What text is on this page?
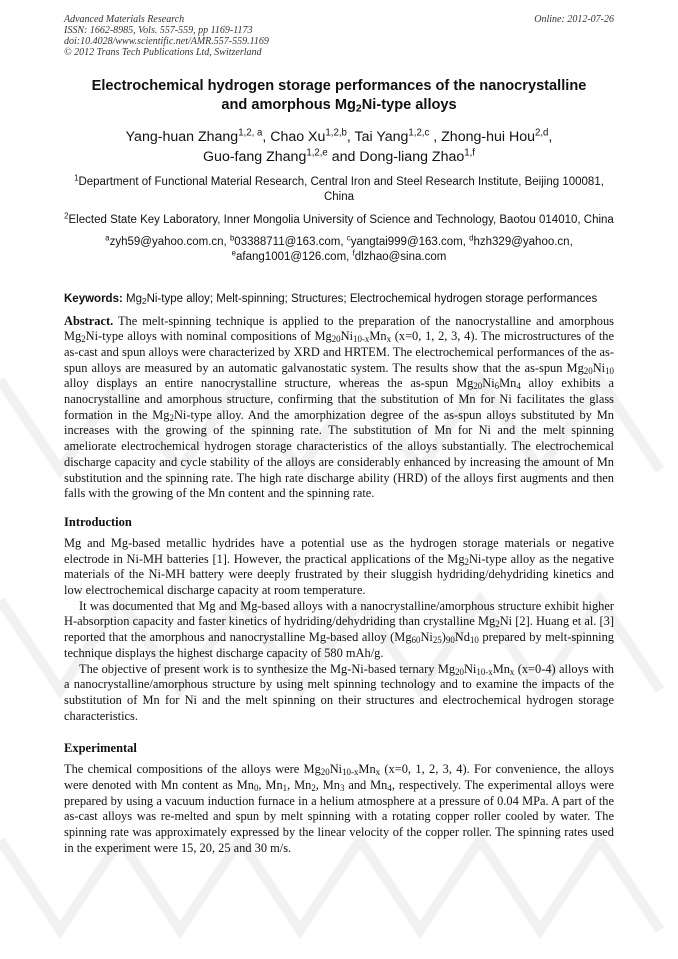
Advanced Materials Research
ISSN: 1662-8985, Vols. 557-559, pp 1169-1173
doi:10.4028/www.scientific.net/AMR.557-559.1169
© 2012 Trans Tech Publications Ltd, Switzerland
Online: 2012-07-26
Electrochemical hydrogen storage performances of the nanocrystalline
and amorphous $Mg_2Ni$-type alloys
Yang-huan Zhang$^{1,2, a}$, Chao Xu$^{1,2,b}$, Tai Yang$^{1,2,c}$ , Zhong-hui Hou$^{2,d}$,
Guo-fang Zhang$^{1,2,e}$ and Dong-liang Zhao$^{1,f}$
$^1$Department of Functional Material Research, Central Iron and Steel Research Institute, Beijing 100081, China
$^2$Elected State Key Laboratory, Inner Mongolia University of Science and Technology, Baotou 014010, China
$^a$zyh59@yahoo.com.cn, $^b$03388711@163.com, $^c$yangtai999@163.com, $^d$hzh329@yahoo.cn,
$^e$afang1001@126.com, $^f$dlzhao@sina.com
Keywords: $Mg_2Ni$-type alloy; Melt-spinning; Structures; Electrochemical hydrogen storage performances
Abstract. The melt-spinning technique is applied to the preparation of the nanocrystalline and amorphous $Mg_2Ni$-type alloys with nominal compositions of $Mg_{20}Ni_{10-x}Mn_x$ (x=0, 1, 2, 3, 4). The microstructures of the as-cast and spun alloys were characterized by XRD and HRTEM. The electrochemical performances of the as-spun alloys are measured by an automatic galvanostatic system. The results show that the as-spun $Mg_{20}Ni_{10}$ alloy displays an entire nanocrystalline structure, whereas the as-spun $Mg_{20}Ni_6Mn_4$ alloy exhibits a nanocrystalline and amorphous structure, confirming that the substitution of Mn for Ni facilitates the glass formation in the $Mg_2Ni$-type alloy. And the amorphization degree of the as-spun alloys substituted by Mn increases with the growing of the spinning rate. The substitution of Mn for Ni and the melt spinning ameliorate electrochemical hydrogen storage characteristics of the alloys substantially. The electrochemical discharge capacity and cycle stability of the alloys are considerably enhanced by increasing the amount of Mn substitution and the spinning rate. The high rate discharge ability (HRD) of the alloys first augments and then falls with the growing of the Mn content and the spinning rate.
Introduction
Mg and Mg-based metallic hydrides have a potential use as the hydrogen storage materials or negative electrode in Ni-MH batteries [1]. However, the practical applications of the $Mg_2Ni$-type alloy as the negative materials of the Ni-MH battery were deeply frustrated by their sluggish hydriding/dehydriding kinetics and low electrochemical discharge capacity at room temperature.
It was documented that Mg and Mg-based alloys with a nanocrystalline/amorphous structure exhibit higher H-absorption capacity and faster kinetics of hydriding/dehydriding than crystalline $Mg_2Ni$ [2]. Huang et al. [3] reported that the amorphous and nanocrystalline Mg-based alloy $(Mg_{60}Ni_{25})_{90}Nd_{10}$ prepared by melt-spinning technique displays the highest discharge capacity of 580 mAh/g.
The objective of present work is to synthesize the Mg-Ni-based ternary $Mg_{20}Ni_{10-x}Mn_x$ (x=0-4) alloys with a nanocrystalline/amorphous structure by using melt spinning technology and to examine the impacts of the substitution of Mn for Ni and the melt spinning on their structures and electrochemical hydrogen storage characteristics.
Experimental
The chemical compositions of the alloys were $Mg_{20}Ni_{10-x}Mn_x$ (x=0, 1, 2, 3, 4). For convenience, the alloys were denoted with Mn content as $Mn_0$, $Mn_1$, $Mn_2$, $Mn_3$ and $Mn_4$, respectively. The experimental alloys were prepared by using a vacuum induction furnace in a helium atmosphere at a pressure of 0.04 MPa. A part of the as-cast alloys was re-melted and spun by melt spinning with a rotating copper roller cooled by water. The spinning rate was approximately expressed by the linear velocity of the copper roller. The spinning rates used in the experiment were 15, 20, 25 and 30 m/s.
